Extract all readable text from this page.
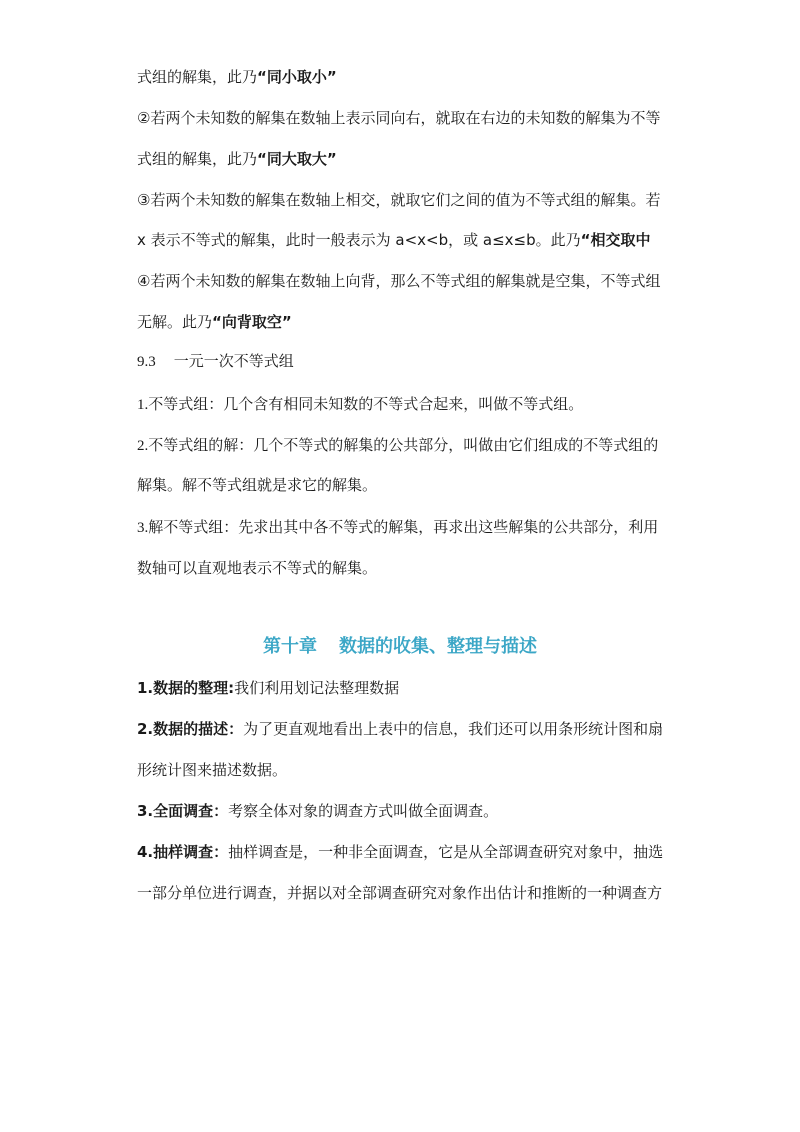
式组的解集，此乃“同小取小”
②若两个未知数的解集在数轴上表示同向右，就取在右边的未知数的解集为不等
式组的解集，此乃“同大取大”
③若两个未知数的解集在数轴上相交，就取它们之间的值为不等式组的解集。若
x 表示不等式的解集，此时一般表示为 a<x<b，或 a≤x≤b。此乃“相交取中
④若两个未知数的解集在数轴上向背，那么不等式组的解集就是空集，不等式组
无解。此乃“向背取空”
9.3 一元一次不等式组
1.不等式组：几个含有相同未知数的不等式合起来，叫做不等式组。
2.不等式组的解：几个不等式的解集的公共部分，叫做由它们组成的不等式组的
解集。解不等式组就是求它的解集。
3.解不等式组：先求出其中各不等式的解集，再求出这些解集的公共部分，利用
数轴可以直观地表示不等式的解集。
第十章 数据的收集、整理与描述
1.数据的整理:我们利用划记法整理数据
2.数据的描述：为了更直观地看出上表中的信息，我们还可以用条形统计图和扇
形统计图来描述数据。
3.全面调查：考察全体对象的调查方式叫做全面调查。
4.抽样调查：抽样调查是，一种非全面调查，它是从全部调查研究对象中，抽选
一部分单位进行调查，并据以对全部调查研究对象作出估计和推断的一种调查方
